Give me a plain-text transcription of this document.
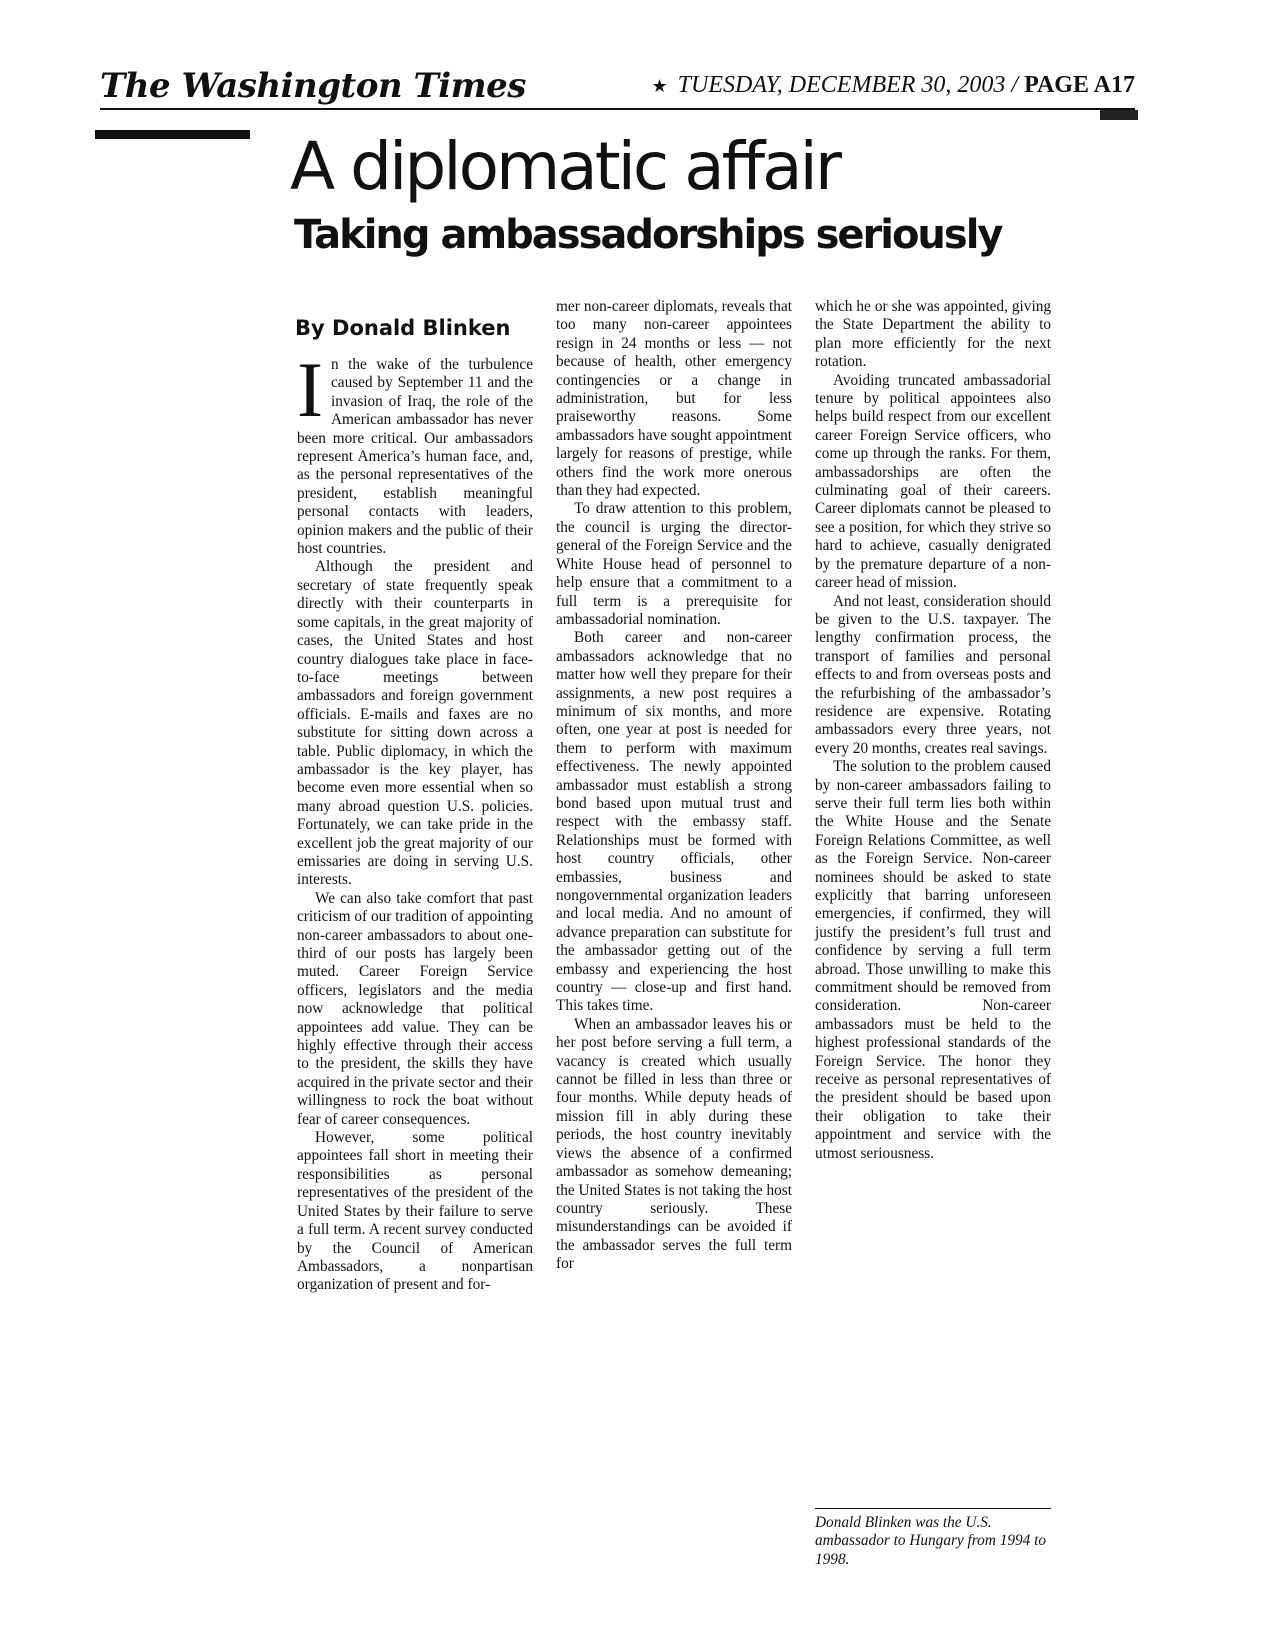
The Washington Times	★ TUESDAY, DECEMBER 30, 2003 / PAGE A17
A diplomatic affair
Taking ambassadorships seriously
By Donald Blinken

In the wake of the turbulence caused by September 11 and the invasion of Iraq, the role of the American ambassador has never been more critical. Our ambassadors represent America’s human face, and, as the personal representatives of the president, establish meaningful personal contacts with leaders, opinion makers and the public of their host countries.

Although the president and secretary of state frequently speak directly with their counterparts in some capitals, in the great majority of cases, the United States and host country dialogues take place in face-to-face meetings between ambassadors and foreign government officials. E-mails and faxes are no substitute for sitting down across a table. Public diplomacy, in which the ambassador is the key player, has become even more essential when so many abroad question U.S. policies. Fortunately, we can take pride in the excellent job the great majority of our emissaries are doing in serving U.S. interests.

We can also take comfort that past criticism of our tradition of appointing non-career ambassadors to about one-third of our posts has largely been muted. Career Foreign Service officers, legislators and the media now acknowledge that political appointees add value. They can be highly effective through their access to the president, the skills they have acquired in the private sector and their willingness to rock the boat without fear of career consequences.

However, some political appointees fall short in meeting their responsibilities as personal representatives of the president of the United States by their failure to serve a full term. A recent survey conducted by the Council of American Ambassadors, a nonpartisan organization of present and for-

mer non-career diplomats, reveals that too many non-career appointees resign in 24 months or less — not because of health, other emergency contingencies or a change in administration, but for less praiseworthy reasons. Some ambassadors have sought appointment largely for reasons of prestige, while others find the work more onerous than they had expected.

To draw attention to this problem, the council is urging the director-general of the Foreign Service and the White House head of personnel to help ensure that a commitment to a full term is a prerequisite for ambassadorial nomination.

Both career and non-career ambassadors acknowledge that no matter how well they prepare for their assignments, a new post requires a minimum of six months, and more often, one year at post is needed for them to perform with maximum effectiveness. The newly appointed ambassador must establish a strong bond based upon mutual trust and respect with the embassy staff. Relationships must be formed with host country officials, other embassies, business and nongovernmental organization leaders and local media. And no amount of advance preparation can substitute for the ambassador getting out of the embassy and experiencing the host country — close-up and first hand. This takes time.

When an ambassador leaves his or her post before serving a full term, a vacancy is created which usually cannot be filled in less than three or four months. While deputy heads of mission fill in ably during these periods, the host country inevitably views the absence of a confirmed ambassador as somehow demeaning; the United States is not taking the host country seriously. These misunderstandings can be avoided if the ambassador serves the full term for

which he or she was appointed, giving the State Department the ability to plan more efficiently for the next rotation.

Avoiding truncated ambassadorial tenure by political appointees also helps build respect from our excellent career Foreign Service officers, who come up through the ranks. For them, ambassadorships are often the culminating goal of their careers. Career diplomats cannot be pleased to see a position, for which they strive so hard to achieve, casually denigrated by the premature departure of a non-career head of mission.

And not least, consideration should be given to the U.S. taxpayer. The lengthy confirmation process, the transport of families and personal effects to and from overseas posts and the refurbishing of the ambassador’s residence are expensive. Rotating ambassadors every three years, not every 20 months, creates real savings.

The solution to the problem caused by non-career ambassadors failing to serve their full term lies both within the White House and the Senate Foreign Relations Committee, as well as the Foreign Service. Non-career nominees should be asked to state explicitly that barring unforeseen emergencies, if confirmed, they will justify the president’s full trust and confidence by serving a full term abroad. Those unwilling to make this commitment should be removed from consideration. Non-career ambassadors must be held to the highest professional standards of the Foreign Service. The honor they receive as personal representatives of the president should be based upon their obligation to take their appointment and service with the utmost seriousness.

Donald Blinken was the U.S. ambassador to Hungary from 1994 to 1998.
